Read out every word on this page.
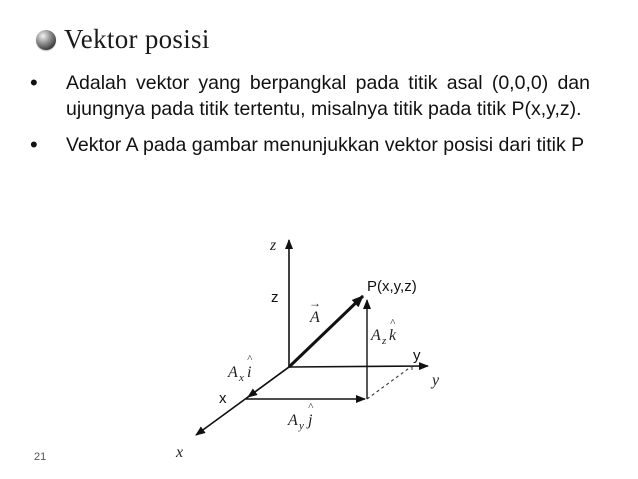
Vektor posisi
•	Adalah vektor yang berpangkal pada titik asal (0,0,0) dan ujungnya pada titik tertentu, misalnya titik pada titik P(x,y,z).
•	Vektor A pada gambar menunjukkan vektor posisi dari titik P
z
z
P(x,y,z)
→
A
A z
^
k
y
y
A x
^
i
x
A y
^
j
x
21
